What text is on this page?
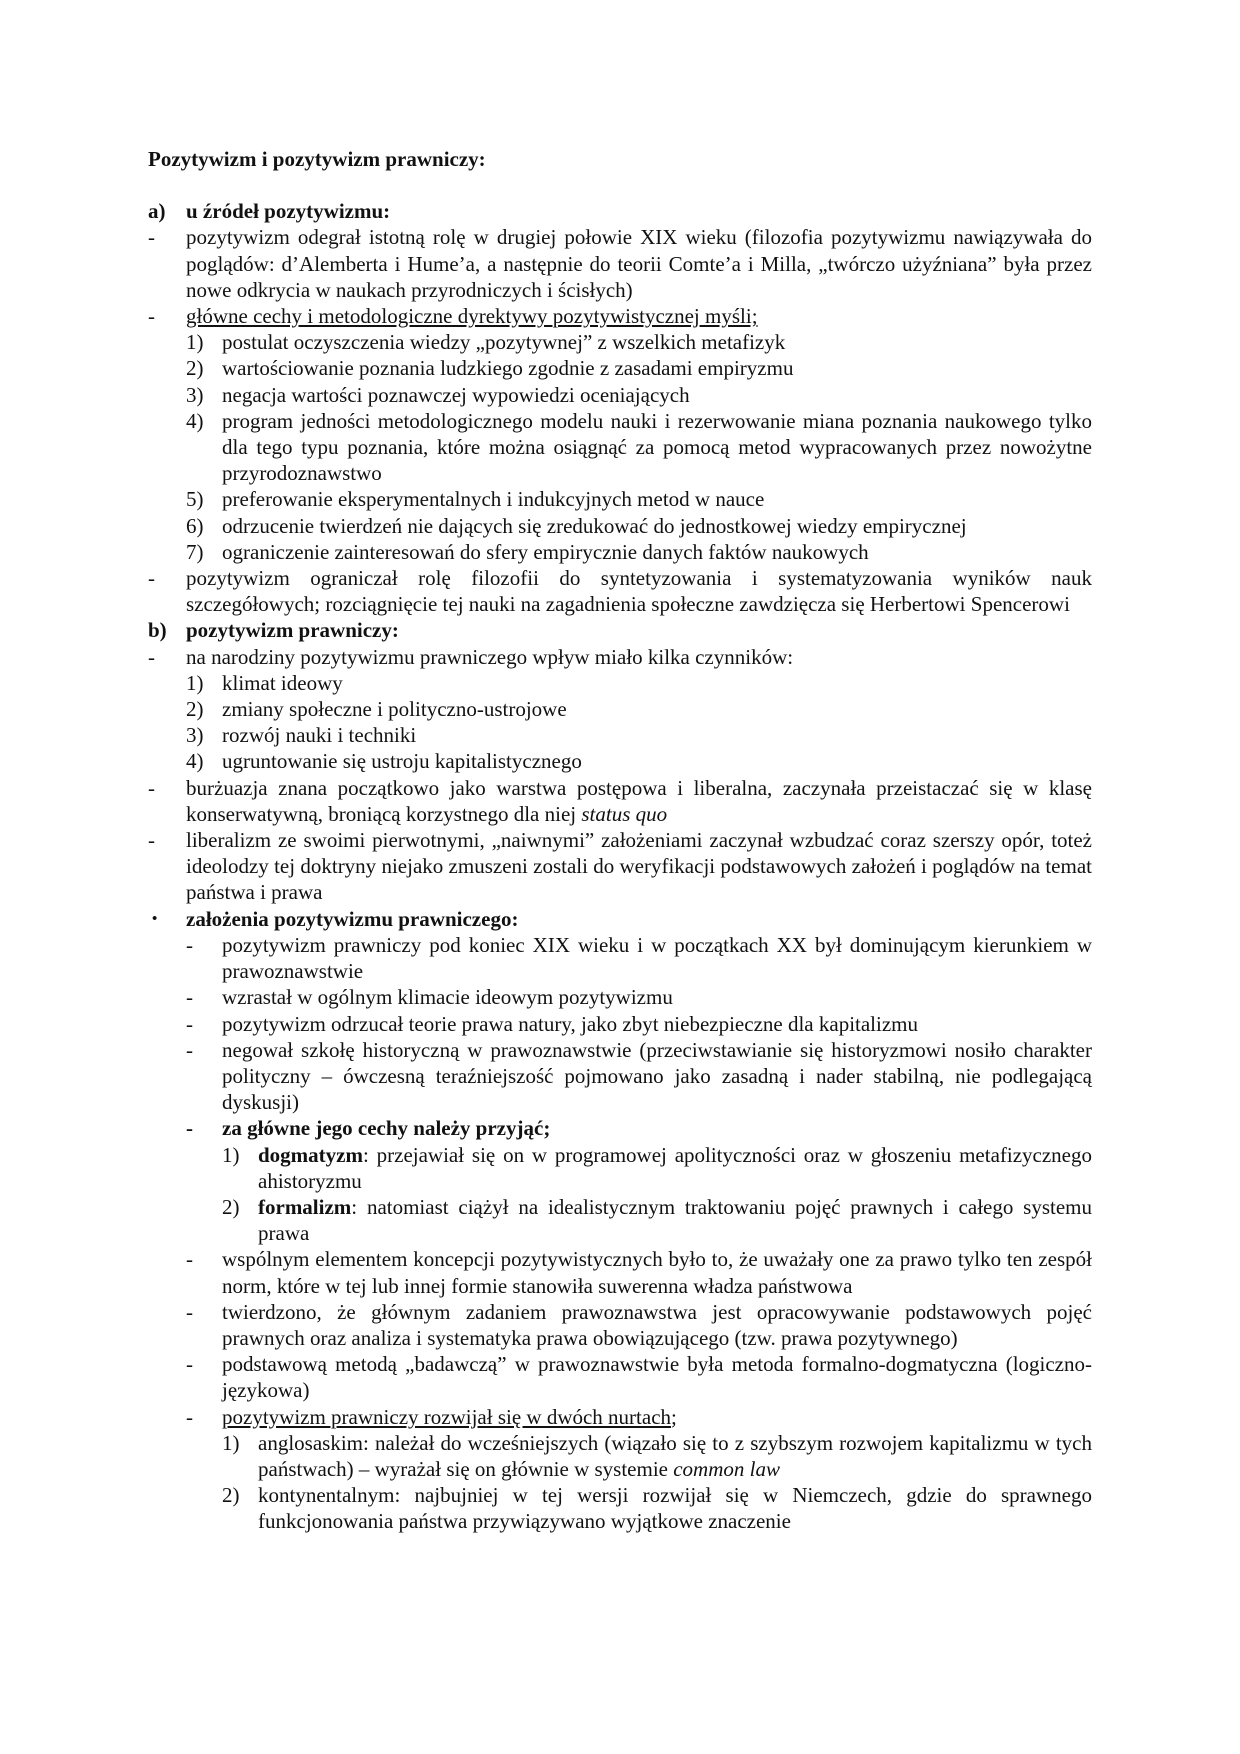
Pozytywizm i pozytywizm prawniczy:
a) u źródeł pozytywizmu:
- pozytywizm odegrał istotną rolę w drugiej połowie XIX wieku (filozofia pozytywizmu nawiązywała do poglądów: d’Alemberta i Hume’a, a następnie do teorii Comte’a i Milla, „twórczo użyźniana” była przez nowe odkrycia w naukach przyrodniczych i ścisłych)
- główne cechy i metodologiczne dyrektywy pozytywistycznej myśli;
1) postulat oczyszczenia wiedzy „pozytywnej” z wszelkich metafizyk
2) wartościowanie poznania ludzkiego zgodnie z zasadami empiryzmu
3) negacja wartości poznawczej wypowiedzi oceniających
4) program jedności metodologicznego modelu nauki i rezerwowanie miana poznania naukowego tylko dla tego typu poznania, które można osiągnąć za pomocą metod wypracowanych przez nowożytne przyrodoznawstwo
5) preferowanie eksperymentalnych i indukcyjnych metod w nauce
6) odrzucenie twierdzeń nie dających się zredukować do jednostkowej wiedzy empirycznej
7) ograniczenie zainteresowań do sfery empirycznie danych faktów naukowych
- pozytywizm ograniczał rolę filozofii do syntetyzowania i systematyzowania wyników nauk szczegółowych; rozciągnięcie tej nauki na zagadnienia społeczne zawdzięcza się Herbertowi Spencerowi
b) pozytywizm prawniczy:
- na narodziny pozytywizmu prawniczego wpływ miało kilka czynników:
1) klimat ideowy
2) zmiany społeczne i polityczno-ustrojowe
3) rozwój nauki i techniki
4) ugruntowanie się ustroju kapitalistycznego
- burżuazja znana początkowo jako warstwa postępowa i liberalna, zaczynała przeistaczać się w klasę konserwatywną, broniącą korzystnego dla niej status quo
- liberalizm ze swoimi pierwotnymi, „naiwnymi” założeniami zaczynał wzbudzać coraz szerszy opór, toteż ideolodzy tej doktryny niejako zmuszeni zostali do weryfikacji podstawowych założeń i poglądów na temat państwa i prawa
• założenia pozytywizmu prawniczego:
- pozytywizm prawniczy pod koniec XIX wieku i w początkach XX był dominującym kierunkiem w prawoznawstwie
- wzrastał w ogólnym klimacie ideowym pozytywizmu
- pozytywizm odrzucał teorie prawa natury, jako zbyt niebezpieczne dla kapitalizmu
- negował szkołę historyczną w prawoznawstwie (przeciwstawianie się historyzmowi nosiło charakter polityczny – ówczesną teraźniejszość pojmowano jako zasadną i nader stabilną, nie podlegającą dyskusji)
- za główne jego cechy należy przyjąć;
1) dogmatyzm: przejawiał się on w programowej apolityczności oraz w głoszeniu metafizycznego ahistoryzmu
2) formalizm: natomiast ciążył na idealistycznym traktowaniu pojęć prawnych i całego systemu prawa
- wspólnym elementem koncepcji pozytywistycznych było to, że uważały one za prawo tylko ten zespół norm, które w tej lub innej formie stanowiła suwerenna władza państwowa
- twierdzono, że głównym zadaniem prawoznawstwa jest opracowywanie podstawowych pojęć prawnych oraz analiza i systematyka prawa obowiązującego (tzw. prawa pozytywnego)
- podstawową metodą „badawczą” w prawoznawstwie była metoda formalno-dogmatyczna (logiczno-językowa)
- pozytywizm prawniczy rozwijał się w dwóch nurtach;
1) anglosaskim: należał do wcześniejszych (wiązało się to z szybszym rozwojem kapitalizmu w tych państwach) – wyrażał się on głównie w systemie common law
2) kontynentalnym: najbujniej w tej wersji rozwijał się w Niemczech, gdzie do sprawnego funkcjonowania państwa przywiązywano wyjątkowe znaczenie
